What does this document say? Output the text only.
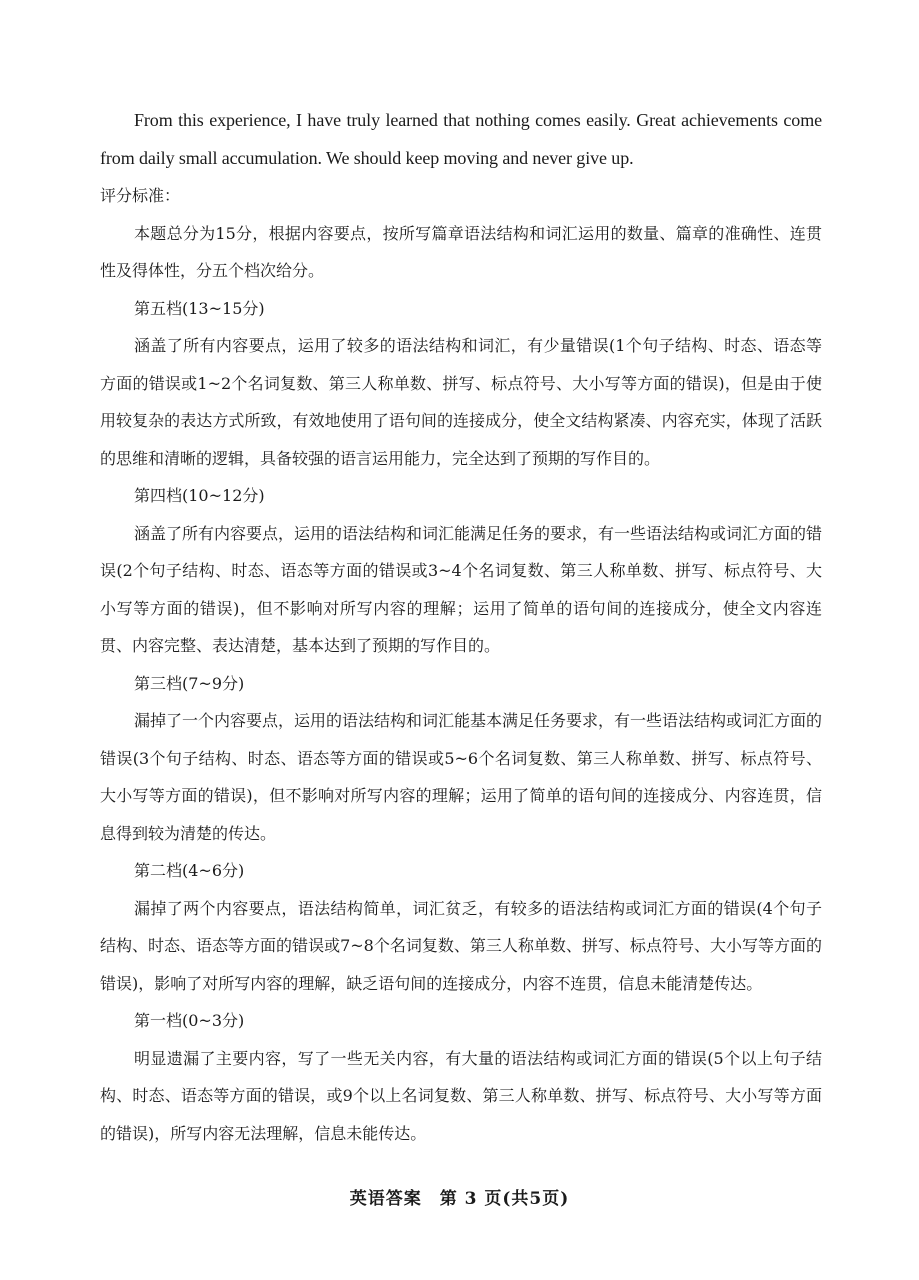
From this experience, I have truly learned that nothing comes easily. Great achievements come from daily small accumulation. We should keep moving and never give up.

评分标准：

本题总分为15分，根据内容要点，按所写篇章语法结构和词汇运用的数量、篇章的准确性、连贯性及得体性，分五个档次给分。

第五档(13~15分)

涵盖了所有内容要点，运用了较多的语法结构和词汇，有少量错误(1个句子结构、时态、语态等方面的错误或1~2个名词复数、第三人称单数、拼写、标点符号、大小写等方面的错误)，但是由于使用较复杂的表达方式所致，有效地使用了语句间的连接成分，使全文结构紧凑、内容充实，体现了活跃的思维和清晰的逻辑，具备较强的语言运用能力，完全达到了预期的写作目的。

第四档(10~12分)

涵盖了所有内容要点，运用的语法结构和词汇能满足任务的要求，有一些语法结构或词汇方面的错误(2个句子结构、时态、语态等方面的错误或3~4个名词复数、第三人称单数、拼写、标点符号、大小写等方面的错误)，但不影响对所写内容的理解；运用了简单的语句间的连接成分，使全文内容连贯、内容完整、表达清楚，基本达到了预期的写作目的。

第三档(7~9分)

漏掉了一个内容要点，运用的语法结构和词汇能基本满足任务要求，有一些语法结构或词汇方面的错误(3个句子结构、时态、语态等方面的错误或5~6个名词复数、第三人称单数、拼写、标点符号、大小写等方面的错误)，但不影响对所写内容的理解；运用了简单的语句间的连接成分、内容连贯，信息得到较为清楚的传达。

第二档(4~6分)

漏掉了两个内容要点，语法结构简单，词汇贫乏，有较多的语法结构或词汇方面的错误(4个句子结构、时态、语态等方面的错误或7~8个名词复数、第三人称单数、拼写、标点符号、大小写等方面的错误)，影响了对所写内容的理解，缺乏语句间的连接成分，内容不连贯，信息未能清楚传达。

第一档(0~3分)

明显遗漏了主要内容，写了一些无关内容，有大量的语法结构或词汇方面的错误(5个以上句子结构、时态、语态等方面的错误，或9个以上名词复数、第三人称单数、拼写、标点符号、大小写等方面的错误)，所写内容无法理解，信息未能传达。

英语答案　第 3 页(共5页)
